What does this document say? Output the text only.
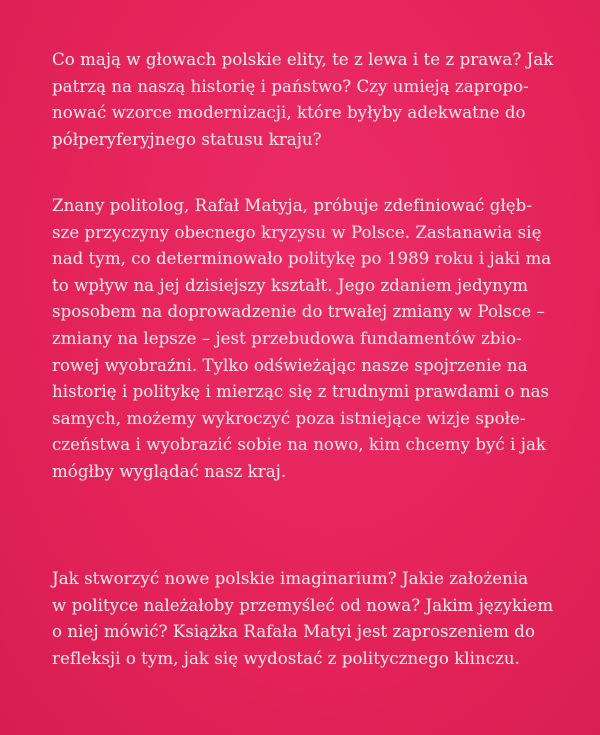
Co mają w głowach polskie elity, te z lewa i te z prawa? Jak
patrzą na naszą historię i państwo? Czy umieją zapropo-
nować wzorce modernizacji, które byłyby adekwatne do
półperyferyjnego statusu kraju?
Znany politolog, Rafał Matyja, próbuje zdefiniować głęb-
sze przyczyny obecnego kryzysu w Polsce. Zastanawia się
nad tym, co determinowało politykę po 1989 roku i jaki ma
to wpływ na jej dzisiejszy kształt. Jego zdaniem jedynym
sposobem na doprowadzenie do trwałej zmiany w Polsce –
zmiany na lepsze – jest przebudowa fundamentów zbio-
rowej wyobraźni. Tylko odświeżając nasze spojrzenie na
historię i politykę i mierząc się z trudnymi prawdami o nas
samych, możemy wykroczyć poza istniejące wizje społe-
czeństwa i wyobrazić sobie na nowo, kim chcemy być i jak
mógłby wyglądać nasz kraj.
Jak stworzyć nowe polskie imaginarium? Jakie założenia
w polityce należałoby przemyśleć od nowa? Jakim językiem
o niej mówić? Książka Rafała Matyi jest zaproszeniem do
refleksji o tym, jak się wydostać z politycznego klinczu.
